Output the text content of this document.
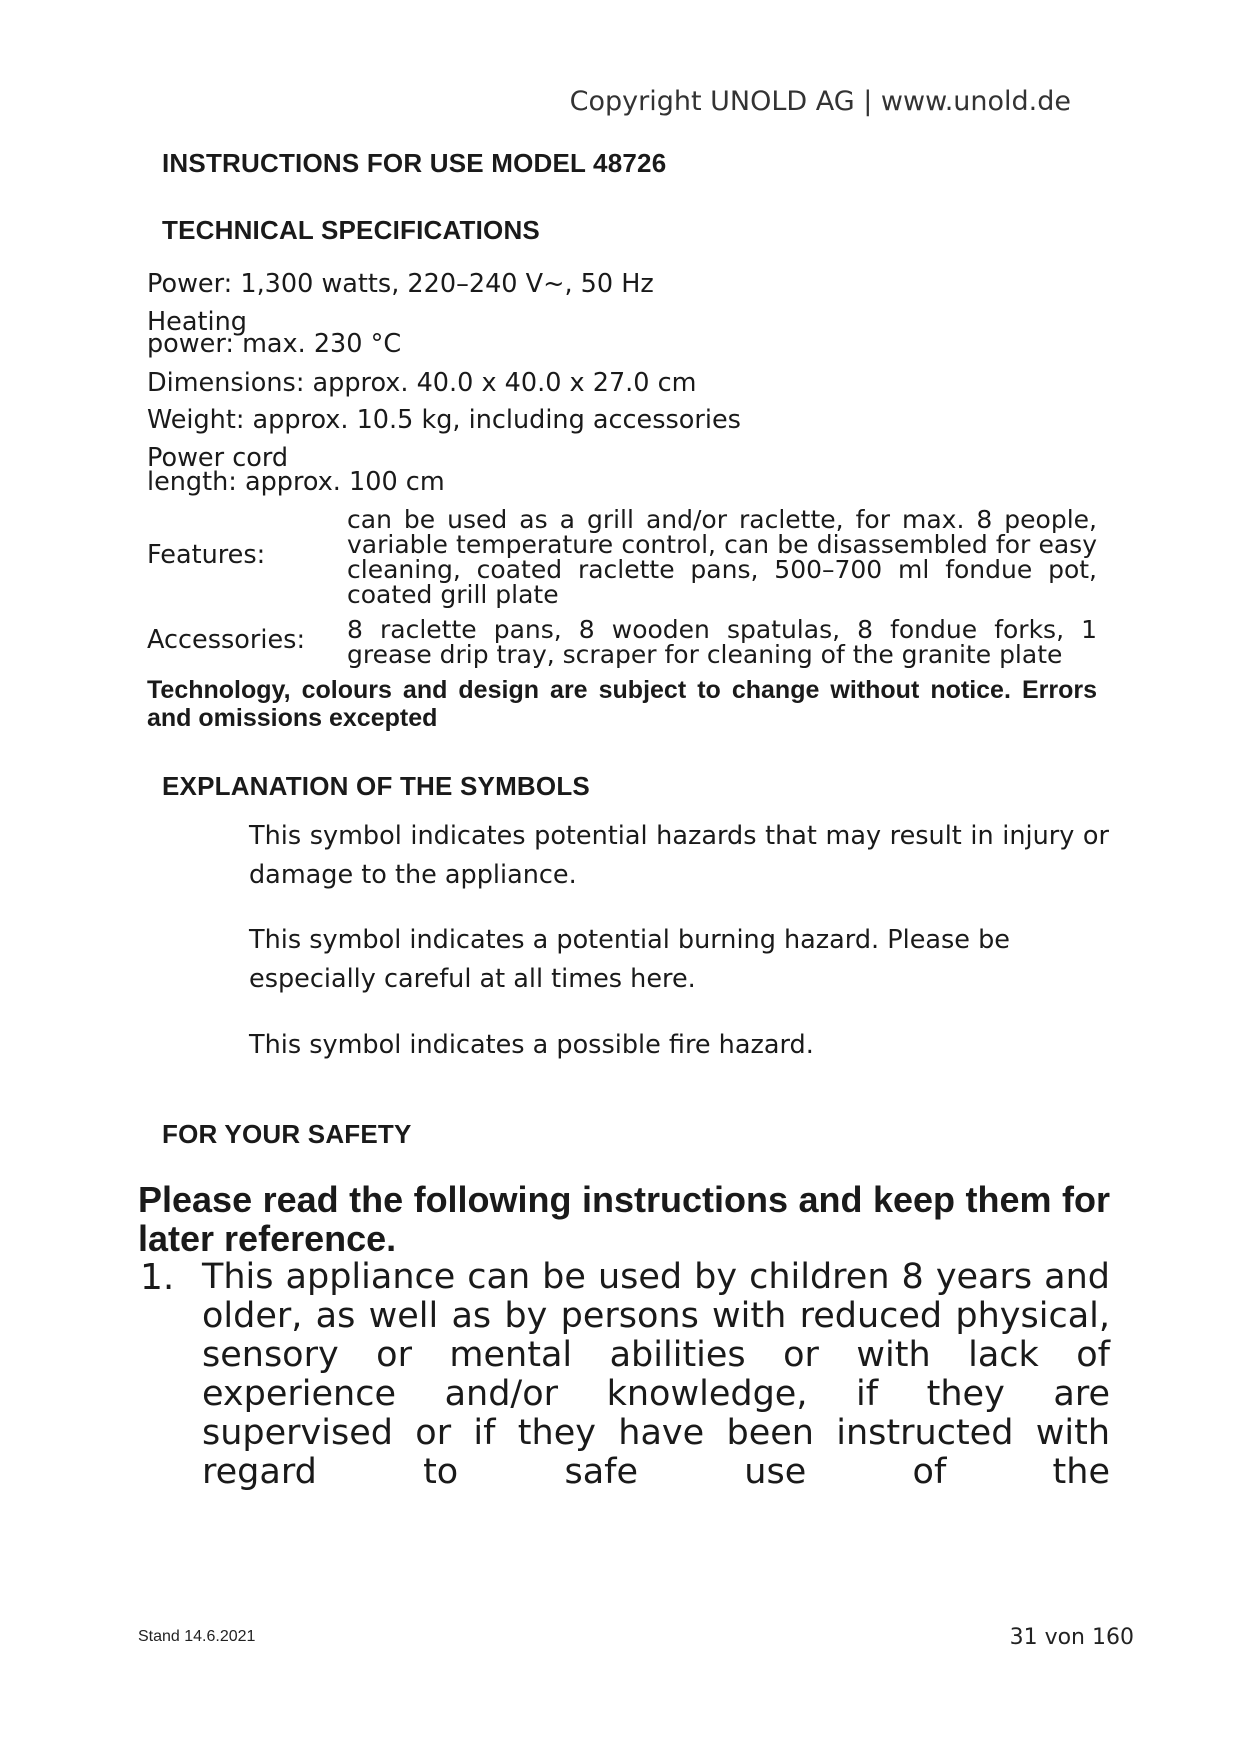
Copyright UNOLD AG | www.unold.de
INSTRUCTIONS FOR USE MODEL 48726
TECHNICAL SPECIFICATIONS
Power: 1,300 watts, 220–240 V~, 50 Hz
Heating
power: max. 230 °C
Dimensions: approx. 40.0 x 40.0 x 27.0 cm
Weight: approx. 10.5 kg, including accessories
Power cord
length: approx. 100 cm
Features:
can be used as a grill and/or raclette, for max. 8 people, variable temperature control, can be disassembled for easy cleaning, coated raclette pans, 500–700 ml fondue pot, coated grill plate
Accessories: 8 raclette pans, 8 wooden spatulas, 8 fondue forks, 1 grease drip tray, scraper for cleaning of the granite plate
Technology, colours and design are subject to change without notice. Errors and omissions excepted
EXPLANATION OF THE SYMBOLS
This symbol indicates potential hazards that may result in injury or damage to the appliance.
This symbol indicates a potential burning hazard. Please be especially careful at all times here.
This symbol indicates a possible fire hazard.
FOR YOUR SAFETY
Please read the following instructions and keep them for later reference.
1. This appliance can be used by children 8 years and older, as well as by persons with reduced physical, sensory or mental abilities or with lack of experience and/or knowledge, if they are supervised or if they have been instructed with regard to safe use of the
Stand 14.6.2021	31 von 160
